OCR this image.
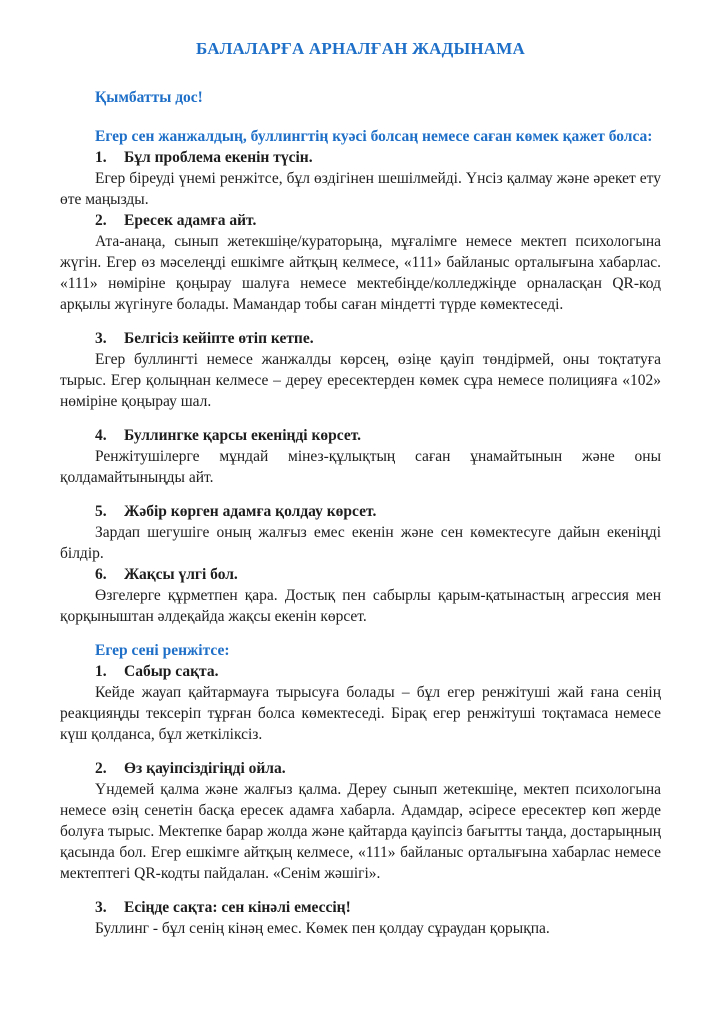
БАЛАЛАРҒА АРНАЛҒАН ЖАДЫНАМА

Қымбатты дос!

Егер сен жанжалдың, буллингтің куәсі болсаң немесе саған көмек қажет болса:

1. Бұл проблема екенін түсін.

Егер біреуді үнемі ренжітсе, бұл өздігінен шешілмейді. Үнсіз қалмау және әрекет ету өте маңызды.

2. Ересек адамға айт.

Ата-анаңа, сынып жетекшіңе/кураторыңа, мұғалімге немесе мектеп психологына жүгін. Егер өз мәселеңді ешкімге айтқың келмесе, «111» байланыс орталығына хабарлас. «111» нөміріне қоңырау шалуға немесе мектебіңде/колледжіңде орналасқан QR-код арқылы жүгінуге болады. Мамандар тобы саған міндетті түрде көмектеседі.

3. Белгісіз кейіпте өтіп кетпе.

Егер буллингті немесе жанжалды көрсең, өзіңе қауіп төндірмей, оны тоқтатуға тырыс. Егер қолыңнан келмесе – дереу ересектерден көмек сұра немесе полицияға «102» нөміріне қоңырау шал.

4. Буллингке қарсы екеніңді көрсет.

Ренжітушілерге мұндай мінез-құлықтың саған ұнамайтынын және оны қолдамайтыныңды айт.

5. Жәбір көрген адамға қолдау көрсет.

Зардап шегушіге оның жалғыз емес екенін және сен көмектесуге дайын екеніңді білдір.

6. Жақсы үлгі бол.

Өзгелерге құрметпен қара. Достық пен сабырлы қарым-қатынастың агрессия мен қорқыныштан әлдеқайда жақсы екенін көрсет.

Егер сені ренжітсе:

1. Сабыр сақта.

Кейде жауап қайтармауға тырысуға болады – бұл егер ренжітуші жай ғана сенің реакцияңды тексеріп тұрған болса көмектеседі. Бірақ егер ренжітуші тоқтамаса немесе күш қолданса, бұл жеткіліксіз.

2. Өз қауіпсіздігіңді ойла.

Үндемей қалма және жалғыз қалма. Дереу сынып жетекшіңе, мектеп психологына немесе өзің сенетін басқа ересек адамға хабарла. Адамдар, әсіресе ересектер көп жерде болуға тырыс. Мектепке барар жолда және қайтарда қауіпсіз бағытты таңда, достарыңның қасында бол. Егер ешкімге айтқың келмесе, «111» байланыс орталығына хабарлас немесе мектептегі QR-кодты пайдалан. «Сенім жәшігі».

3. Есіңде сақта: сен кінәлі емессің!

Буллинг - бұл сенің кінәң емес. Көмек пен қолдау сұраудан қорықпа.
